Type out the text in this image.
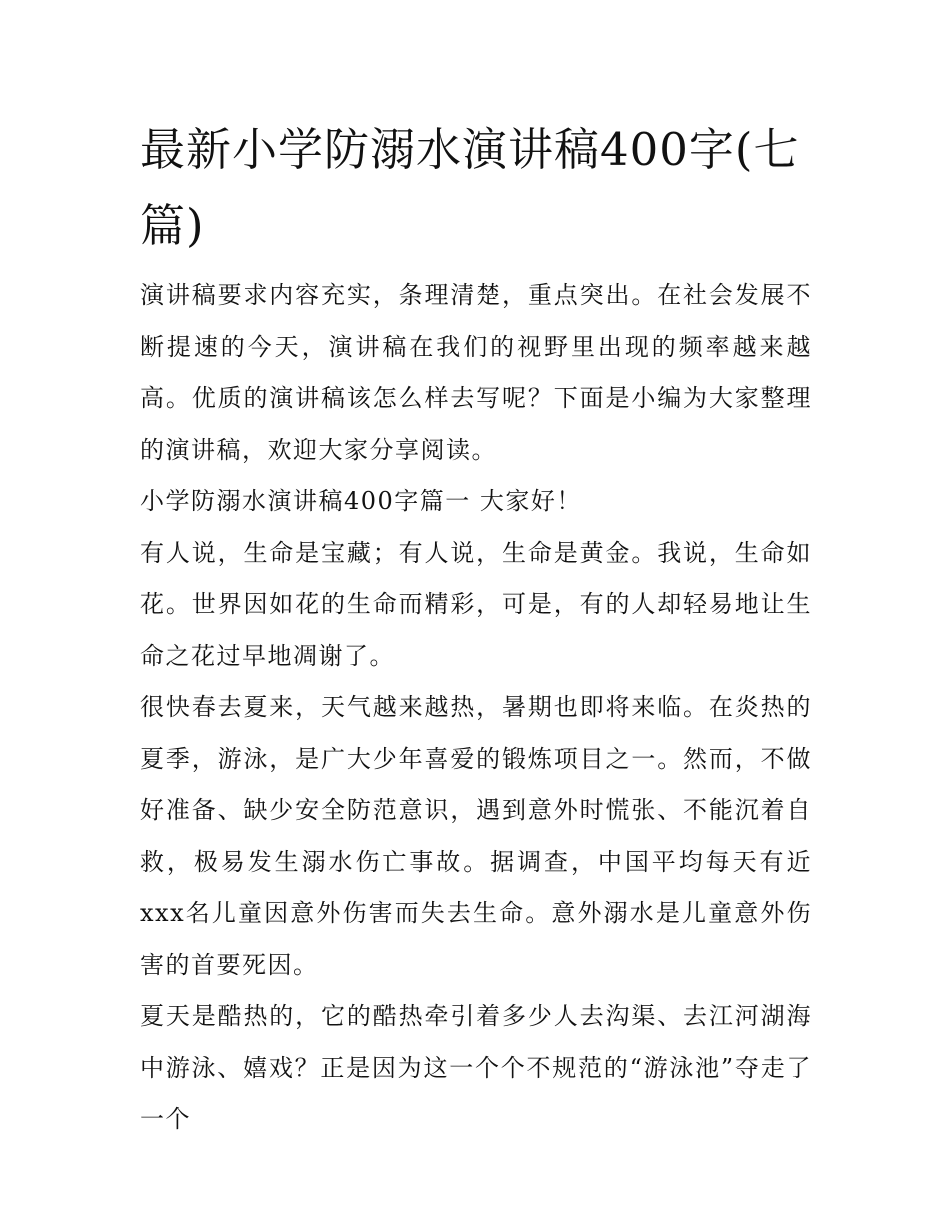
最新小学防溺水演讲稿400字(七篇)

演讲稿要求内容充实，条理清楚，重点突出。在社会发展不断提速的今天，演讲稿在我们的视野里出现的频率越来越高。优质的演讲稿该怎么样去写呢？下面是小编为大家整理的演讲稿，欢迎大家分享阅读。

小学防溺水演讲稿400字篇一 大家好！

有人说，生命是宝藏；有人说，生命是黄金。我说，生命如花。世界因如花的生命而精彩，可是，有的人却轻易地让生命之花过早地凋谢了。

很快春去夏来，天气越来越热，暑期也即将来临。在炎热的夏季，游泳，是广大少年喜爱的锻炼项目之一。然而，不做好准备、缺少安全防范意识，遇到意外时慌张、不能沉着自救，极易发生溺水伤亡事故。据调查，中国平均每天有近xxx名儿童因意外伤害而失去生命。意外溺水是儿童意外伤害的首要死因。

夏天是酷热的，它的酷热牵引着多少人去沟渠、去江河湖海中游泳、嬉戏？正是因为这一个个不规范的“游泳池”夺走了一个
